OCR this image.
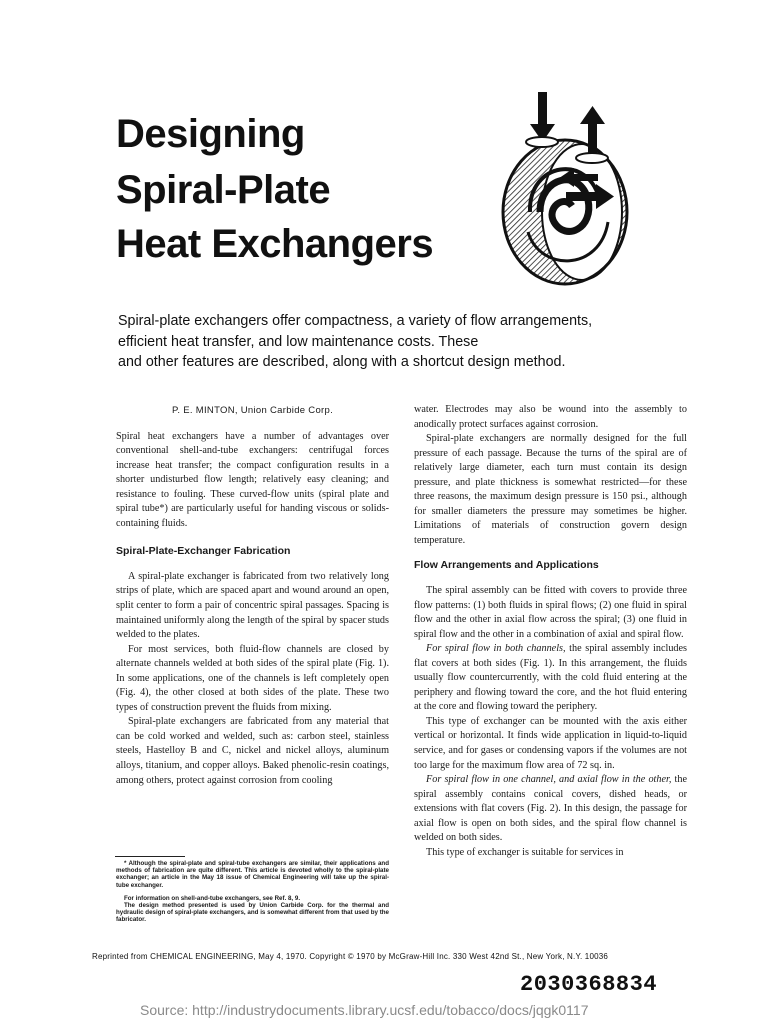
Designing
Spiral-Plate
Heat Exchangers
Spiral-plate exchangers offer compactness, a variety of flow arrangements,
efficient heat transfer, and low maintenance costs. These
and other features are described, along with a shortcut design method.
P. E. MINTON, Union Carbide Corp.

Spiral heat exchangers have a number of advantages over conventional shell-and-tube exchangers: centrifugal forces increase heat transfer; the compact configuration results in a shorter undisturbed flow length; relatively easy cleaning; and resistance to fouling. These curved-flow units (spiral plate and spiral tube*) are particularly useful for handing viscous or solids-containing fluids.

Spiral-Plate-Exchanger Fabrication

A spiral-plate exchanger is fabricated from two relatively long strips of plate, which are spaced apart and wound around an open, split center to form a pair of concentric spiral passages. Spacing is maintained uniformly along the length of the spiral by spacer studs welded to the plates.

For most services, both fluid-flow channels are closed by alternate channels welded at both sides of the spiral plate (Fig. 1). In some applications, one of the channels is left completely open (Fig. 4), the other closed at both sides of the plate. These two types of construction prevent the fluids from mixing.

Spiral-plate exchangers are fabricated from any material that can be cold worked and welded, such as: carbon steel, stainless steels, Hastelloy B and C, nickel and nickel alloys, aluminum alloys, titanium, and copper alloys. Baked phenolic-resin coatings, among others, protect against corrosion from cooling

* Although the spiral-plate and spiral-tube exchangers are similar, their applications and methods of fabrication are quite different. This article is devoted wholly to the spiral-plate exchanger; an article in the May 18 issue of Chemical Engineering will take up the spiral-tube exchanger.

For information on shell-and-tube exchangers, see Ref. 8, 9.

The design method presented is used by Union Carbide Corp. for the thermal and hydraulic design of spiral-plate exchangers, and is somewhat different from that used by the fabricator.

water. Electrodes may also be wound into the assembly to anodically protect surfaces against corrosion.

Spiral-plate exchangers are normally designed for the full pressure of each passage. Because the turns of the spiral are of relatively large diameter, each turn must contain its design pressure, and plate thickness is somewhat restricted—for these three reasons, the maximum design pressure is 150 psi., although for smaller diameters the pressure may sometimes be higher. Limitations of materials of construction govern design temperature.

Flow Arrangements and Applications

The spiral assembly can be fitted with covers to provide three flow patterns: (1) both fluids in spiral flows; (2) one fluid in spiral flow and the other in axial flow across the spiral; (3) one fluid in spiral flow and the other in a combination of axial and spiral flow.

For spiral flow in both channels, the spiral assembly includes flat covers at both sides (Fig. 1). In this arrangement, the fluids usually flow countercurrently, with the cold fluid entering at the periphery and flowing toward the core, and the hot fluid entering at the core and flowing toward the periphery.

This type of exchanger can be mounted with the axis either vertical or horizontal. It finds wide application in liquid-to-liquid service, and for gases or condensing vapors if the volumes are not too large for the maximum flow area of 72 sq. in.

For spiral flow in one channel, and axial flow in the other, the spiral assembly contains conical covers, dished heads, or extensions with flat covers (Fig. 2). In this design, the passage for axial flow is open on both sides, and the spiral flow channel is welded on both sides.

This type of exchanger is suitable for services in

Reprinted from CHEMICAL ENGINEERING, May 4, 1970. Copyright © 1970 by McGraw-Hill Inc. 330 West 42nd St., New York, N.Y. 10036
2030368834
Source: http://industrydocuments.library.ucsf.edu/tobacco/docs/jqgk0117
